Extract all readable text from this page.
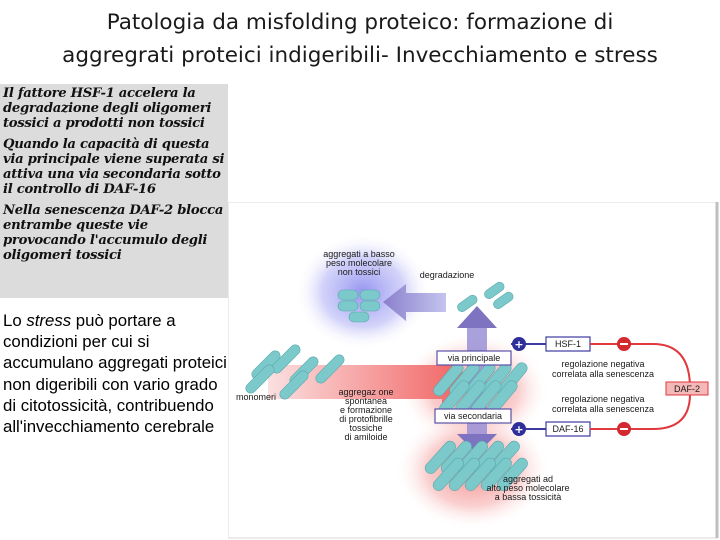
Patologia da misfolding proteico: formazione di
aggregrati proteici indigeribili- Invecchiamento e stress

Il fattore HSF-1 accelera la degradazione degli oligomeri tossici a prodotti non tossici

Quando la capacità di questa via principale viene superata si attiva una via secondaria sotto il controllo di DAF-16

Nella senescenza DAF-2 blocca entrambe queste vie provocando l'accumulo degli oligomeri tossici

Lo stress può portare a condizioni per cui si accumulano aggregati proteici non digeribili con vario grado di citotossicità, contribuendo all'invecchiamento cerebrale
via principale
via secondaria
+	HSF-1
+	DAF-16
DAF-2
regolazione negativa
correlata alla senescenza
regolazione negativa
correlata alla senescenza
aggregati a basso
peso molecolare
non tossici	degradazione
monomeri	aggregaz one
spontanea
e formazione
di protofibrille
tossiche
di amiloide
aggregati ad
alto peso molecolare
a bassa tossicità
